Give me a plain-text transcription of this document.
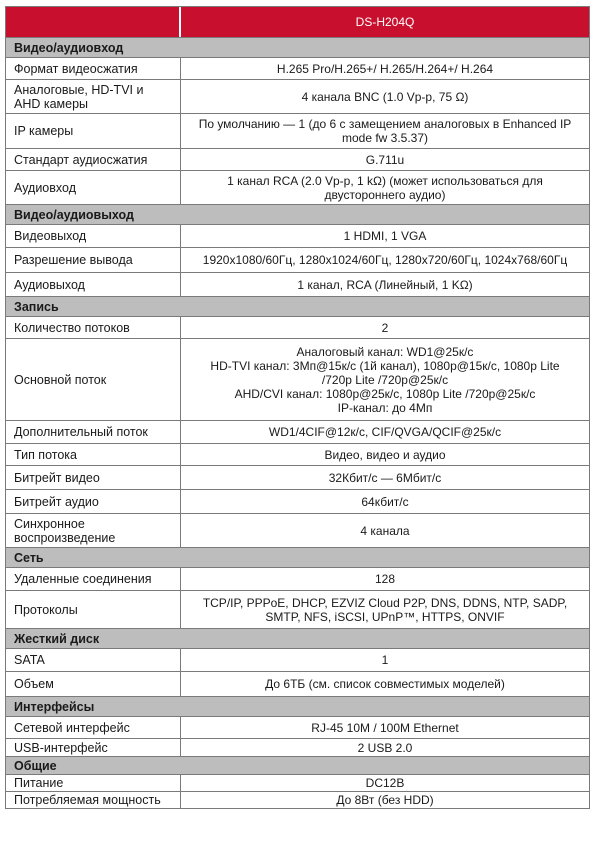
DS-H204Q
Видео/аудиовход
Формат видеосжатия	H.265 Pro/H.265+/ H.265/H.264+/ H.264
Аналоговые, HD-TVI и AHD камеры	4 канала BNC (1.0 Vp-p, 75 Ω)
IP камеры	По умолчанию — 1 (до 6 с замещением аналоговых в Enhanced IP
mode fw 3.5.37)
Стандарт аудиосжатия	G.711u
Аудиовход	1 канал RCA (2.0 Vp-p, 1 kΩ) (может использоваться для
двустороннего аудио)
Видео/аудиовыход
Видеовыход	1 HDMI, 1 VGA
Разрешение вывода	1920x1080/60Гц, 1280x1024/60Гц, 1280x720/60Гц, 1024x768/60Гц
Аудиовыход	1 канал, RCA (Линейный, 1 KΩ)
Запись
Количество потоков	2
Основной поток
Аналоговый канал: WD1@25к/с
HD-TVI канал: 3Мп@15к/с (1й канал), 1080р@15к/с, 1080p Lite
/720p Lite /720p@25к/с
AHD/CVI канал: 1080p@25к/с, 1080p Lite /720p@25к/с
IP-канал: до 4Мп
Дополнительный поток	WD1/4CIF@12к/с, CIF/QVGA/QCIF@25к/с
Тип потока	Видео, видео и аудио
Битрейт видео	32Кбит/с — 6Мбит/с
Битрейт аудио	64кбит/с
Синхронное воспроизведение	4 канала
Сеть
Удаленные соединения	128
Протоколы	TCP/IP, PPPoE, DHCP, EZVIZ Cloud P2P, DNS, DDNS, NTP, SADP,
SMTP, NFS, iSCSI, UPnP™, HTTPS, ONVIF
Жесткий диск
SATA	1
Объем	До 6ТБ (см. список совместимых моделей)
Интерфейсы
Сетевой интерфейс	RJ-45 10M / 100M Ethernet
USB-интерфейс	2 USB 2.0
Общие
Питание	DC12В
Потребляемая мощность	До 8Вт (без HDD)
